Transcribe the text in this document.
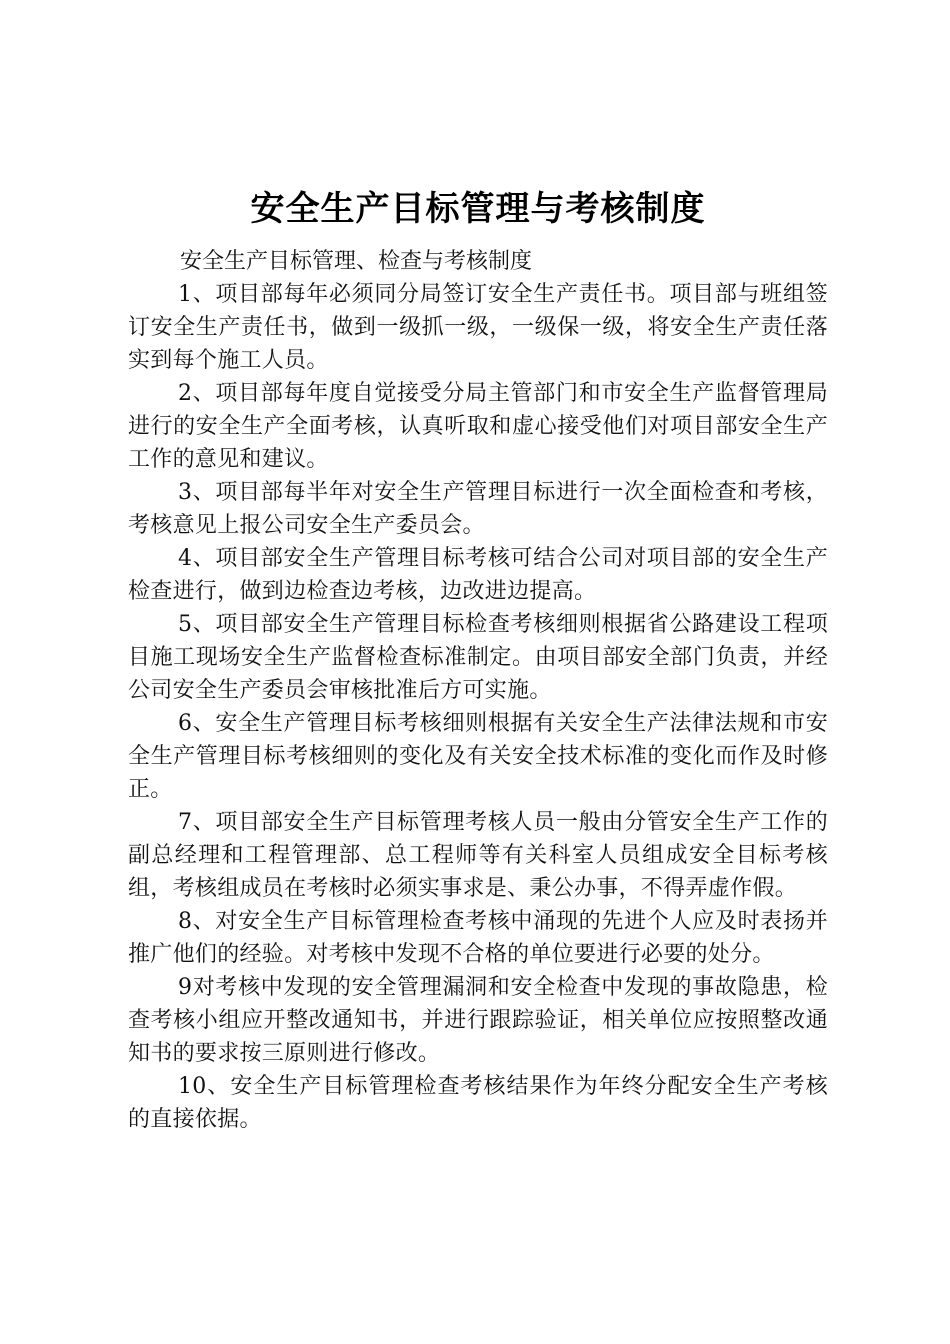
安全生产目标管理与考核制度

安全生产目标管理、检查与考核制度

1、项目部每年必须同分局签订安全生产责任书。项目部与班组签订安全生产责任书，做到一级抓一级，一级保一级，将安全生产责任落实到每个施工人员。

2、项目部每年度自觉接受分局主管部门和市安全生产监督管理局进行的安全生产全面考核，认真听取和虚心接受他们对项目部安全生产工作的意见和建议。

3、项目部每半年对安全生产管理目标进行一次全面检查和考核，考核意见上报公司安全生产委员会。

4、项目部安全生产管理目标考核可结合公司对项目部的安全生产检查进行，做到边检查边考核，边改进边提高。

5、项目部安全生产管理目标检查考核细则根据省公路建设工程项目施工现场安全生产监督检查标准制定。由项目部安全部门负责，并经公司安全生产委员会审核批准后方可实施。

6、安全生产管理目标考核细则根据有关安全生产法律法规和市安全生产管理目标考核细则的变化及有关安全技术标准的变化而作及时修正。

7、项目部安全生产目标管理考核人员一般由分管安全生产工作的副总经理和工程管理部、总工程师等有关科室人员组成安全目标考核组，考核组成员在考核时必须实事求是、秉公办事，不得弄虚作假。

8、对安全生产目标管理检查考核中涌现的先进个人应及时表扬并推广他们的经验。对考核中发现不合格的单位要进行必要的处分。

9对考核中发现的安全管理漏洞和安全检查中发现的事故隐患，检查考核小组应开整改通知书，并进行跟踪验证，相关单位应按照整改通知书的要求按三原则进行修改。

10、安全生产目标管理检查考核结果作为年终分配安全生产考核的直接依据。
